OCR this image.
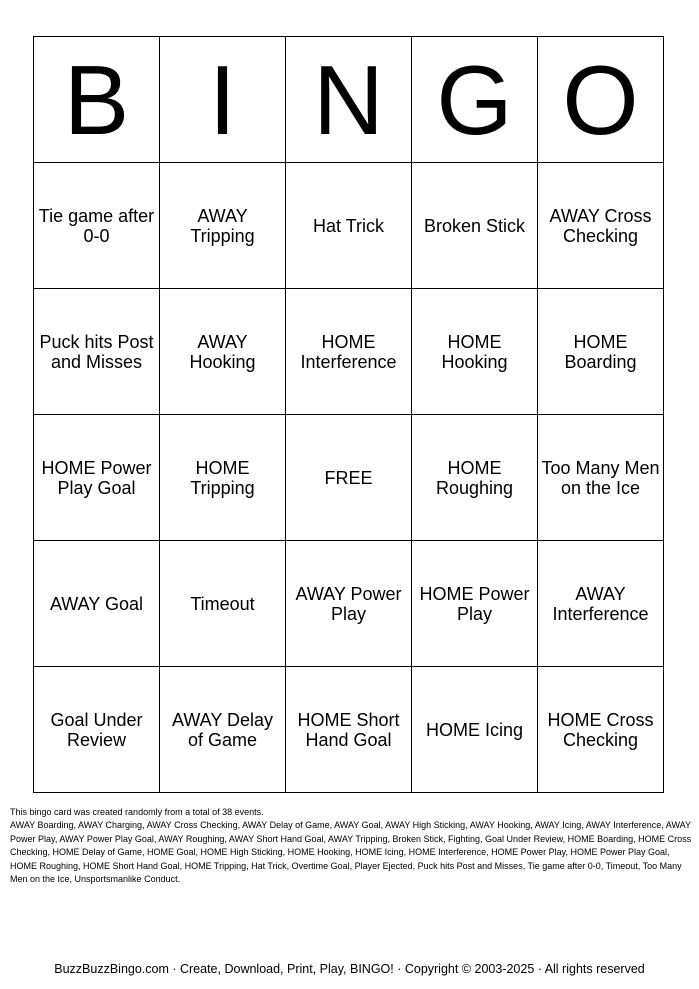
B	I	N	G	O
Tie game after 0-0	AWAY Tripping	Hat Trick	Broken Stick	AWAY Cross Checking
Puck hits Post and Misses	AWAY Hooking	HOME Interference	HOME Hooking	HOME Boarding
HOME Power Play Goal	HOME Tripping	FREE	HOME Roughing	Too Many Men on the Ice
AWAY Goal	Timeout	AWAY Power Play	HOME Power Play	AWAY Interference
Goal Under Review	AWAY Delay of Game	HOME Short Hand Goal	HOME Icing	HOME Cross Checking

This bingo card was created randomly from a total of 38 events.

AWAY Boarding, AWAY Charging, AWAY Cross Checking, AWAY Delay of Game, AWAY Goal, AWAY High Sticking, AWAY Hooking, AWAY Icing, AWAY Interference, AWAY Power Play, AWAY Power Play Goal, AWAY Roughing, AWAY Short Hand Goal, AWAY Tripping, Broken Stick, Fighting, Goal Under Review, HOME Boarding, HOME Cross Checking, HOME Delay of Game, HOME Goal, HOME High Sticking, HOME Hooking, HOME Icing, HOME Interference, HOME Power Play, HOME Power Play Goal, HOME Roughing, HOME Short Hand Goal, HOME Tripping, Hat Trick, Overtime Goal, Player Ejected, Puck hits Post and Misses, Tie game after 0-0, Timeout, Too Many Men on the Ice, Unsportsmanlike Conduct.

BuzzBuzzBingo.com · Create, Download, Print, Play, BINGO! · Copyright © 2003-2025 · All rights reserved
